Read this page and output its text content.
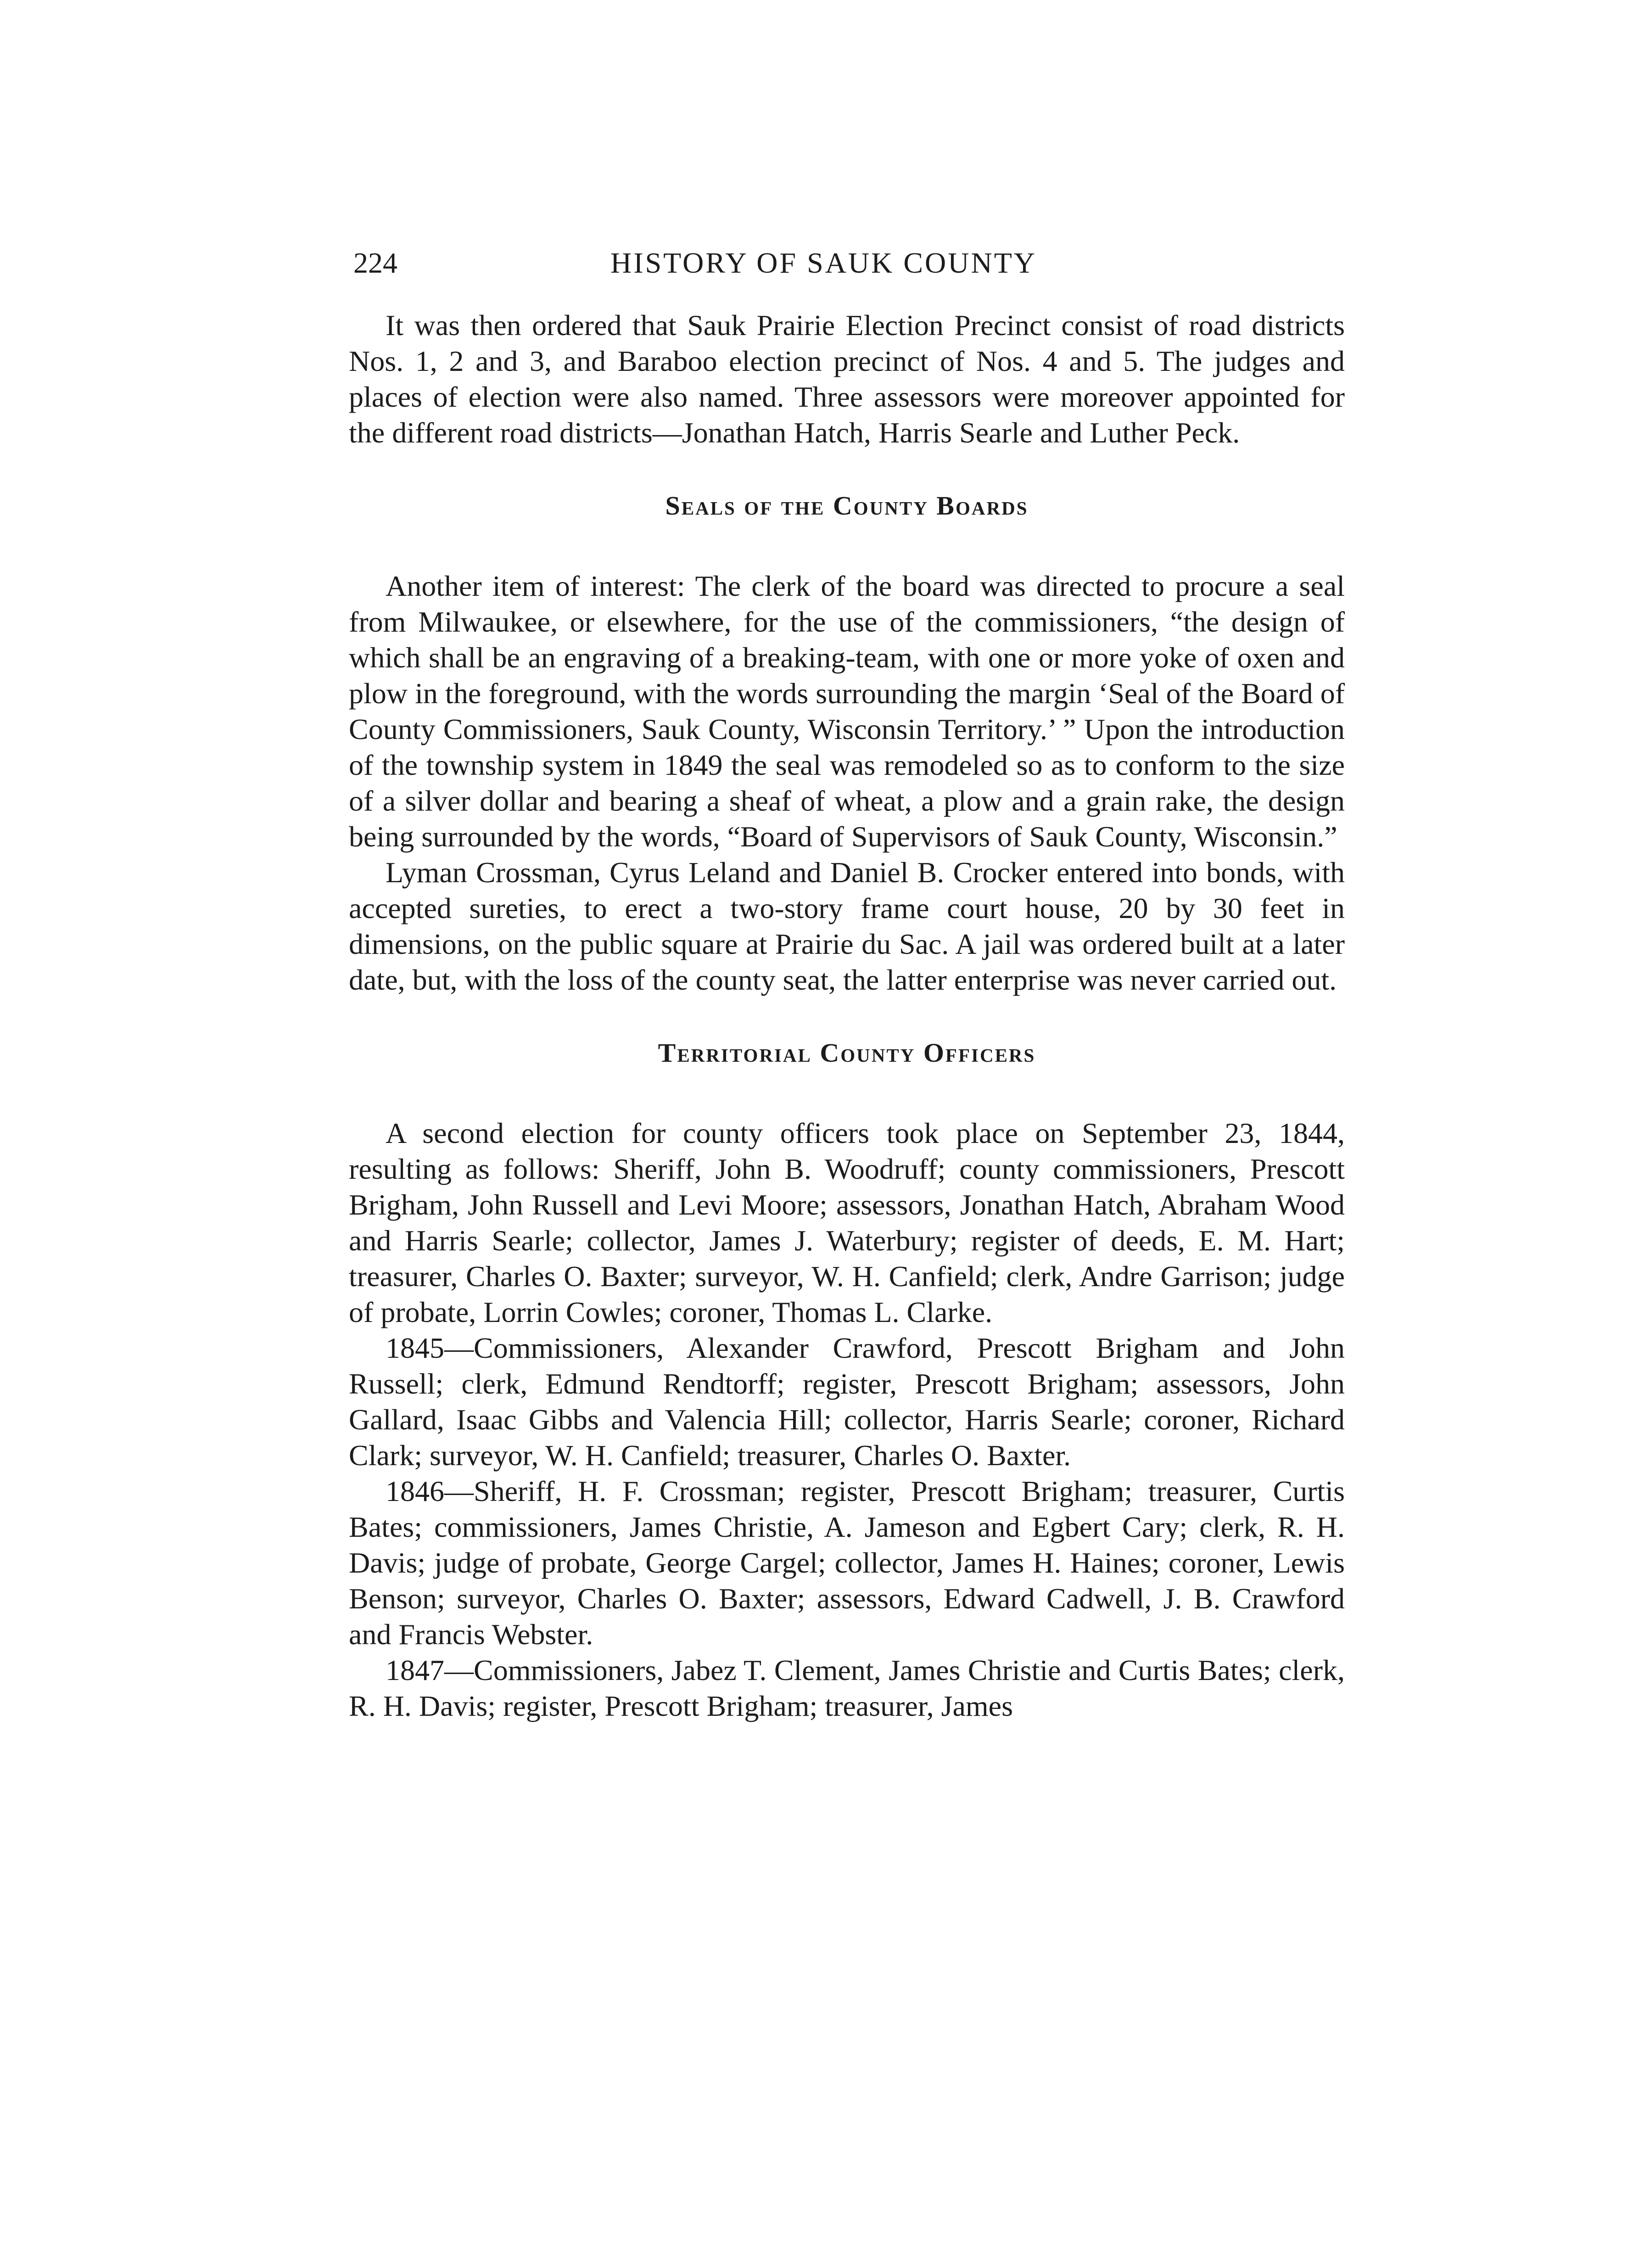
224	HISTORY OF SAUK COUNTY

It was then ordered that Sauk Prairie Election Precinct consist of road districts Nos. 1, 2 and 3, and Baraboo election precinct of Nos. 4 and 5. The judges and places of election were also named. Three assessors were moreover appointed for the different road districts—Jonathan Hatch, Harris Searle and Luther Peck.

Seals of the County Boards

Another item of interest: The clerk of the board was directed to procure a seal from Milwaukee, or elsewhere, for the use of the commissioners, “the design of which shall be an engraving of a breaking-team, with one or more yoke of oxen and plow in the foreground, with the words surrounding the margin ‘Seal of the Board of County Commissioners, Sauk County, Wisconsin Territory.’ ” Upon the introduction of the township system in 1849 the seal was remodeled so as to conform to the size of a silver dollar and bearing a sheaf of wheat, a plow and a grain rake, the design being surrounded by the words, “Board of Supervisors of Sauk County, Wisconsin.”

Lyman Crossman, Cyrus Leland and Daniel B. Crocker entered into bonds, with accepted sureties, to erect a two-story frame court house, 20 by 30 feet in dimensions, on the public square at Prairie du Sac. A jail was ordered built at a later date, but, with the loss of the county seat, the latter enterprise was never carried out.

Territorial County Officers

A second election for county officers took place on September 23, 1844, resulting as follows: Sheriff, John B. Woodruff; county commissioners, Prescott Brigham, John Russell and Levi Moore; assessors, Jonathan Hatch, Abraham Wood and Harris Searle; collector, James J. Waterbury; register of deeds, E. M. Hart; treasurer, Charles O. Baxter; surveyor, W. H. Canfield; clerk, Andre Garrison; judge of probate, Lorrin Cowles; coroner, Thomas L. Clarke.

1845—Commissioners, Alexander Crawford, Prescott Brigham and John Russell; clerk, Edmund Rendtorff; register, Prescott Brigham; assessors, John Gallard, Isaac Gibbs and Valencia Hill; collector, Harris Searle; coroner, Richard Clark; surveyor, W. H. Canfield; treasurer, Charles O. Baxter.

1846—Sheriff, H. F. Crossman; register, Prescott Brigham; treasurer, Curtis Bates; commissioners, James Christie, A. Jameson and Egbert Cary; clerk, R. H. Davis; judge of probate, George Cargel; collector, James H. Haines; coroner, Lewis Benson; surveyor, Charles O. Baxter; assessors, Edward Cadwell, J. B. Crawford and Francis Webster.

1847—Commissioners, Jabez T. Clement, James Christie and Curtis Bates; clerk, R. H. Davis; register, Prescott Brigham; treasurer, James
